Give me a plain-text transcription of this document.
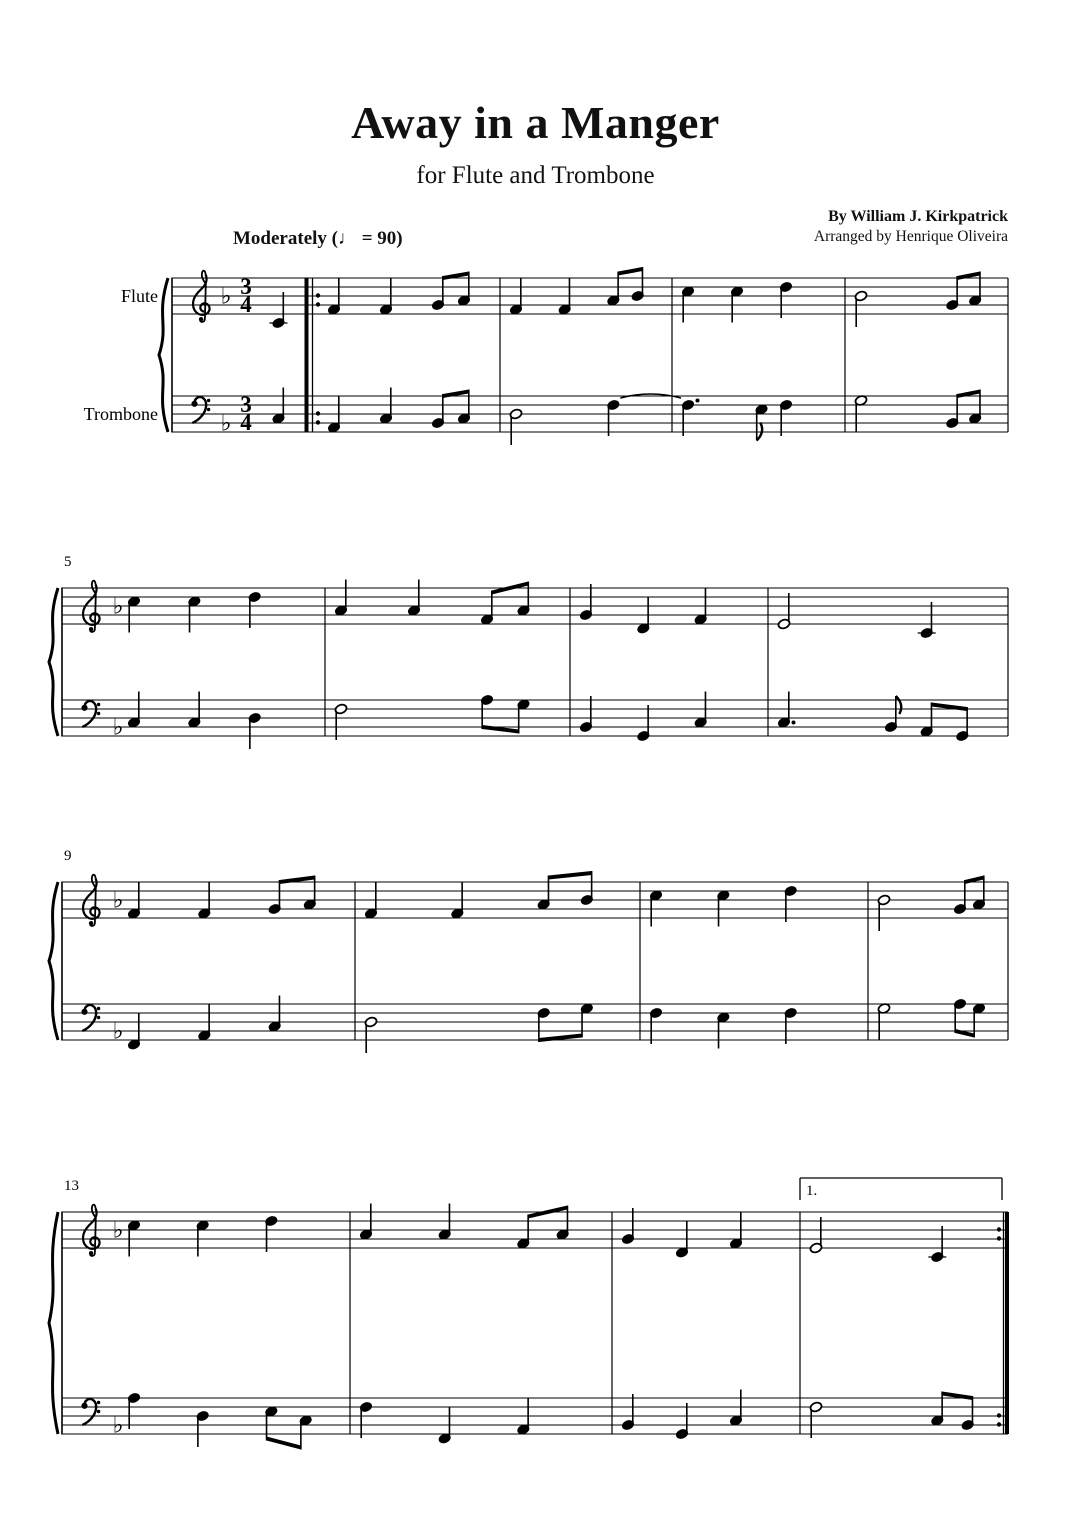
Away in a Manger
for Flute and Trombone
By William J. Kirkpatrick
Arranged by Henrique Oliveira
Moderately (♩ = 90)
♭
♭
3
4
3
4
Flute
Trombone
♭
♭
5
♭
♭
9
♭
♭
13	1.
